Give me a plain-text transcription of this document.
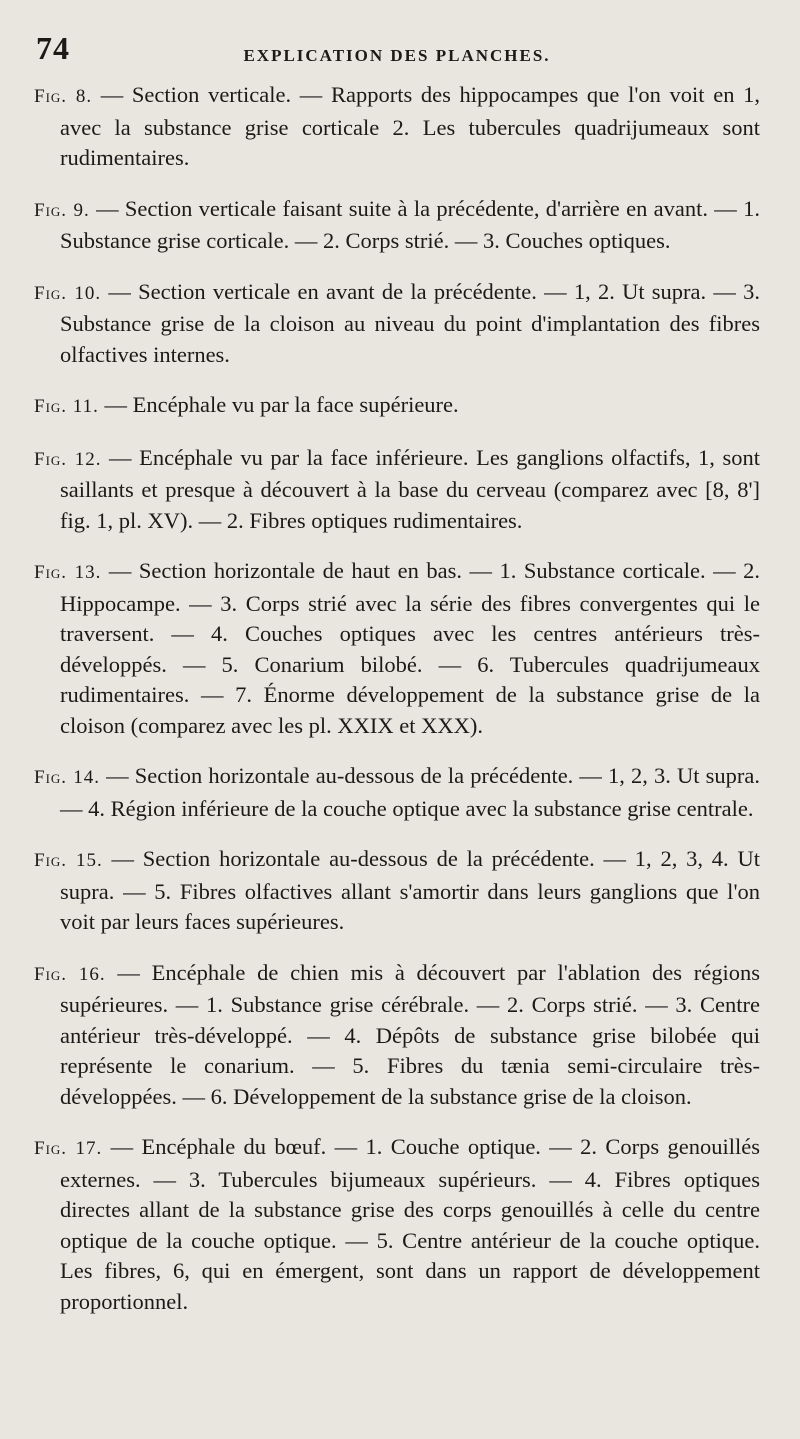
74	EXPLICATION DES PLANCHES.

Fig. 8. — Section verticale. — Rapports des hippocampes que l'on voit en 1, avec la substance grise corticale 2. Les tubercules quadrijumeaux sont rudimentaires.

Fig. 9. — Section verticale faisant suite à la précédente, d'arrière en avant. — 1. Substance grise corticale. — 2. Corps strié. — 3. Couches optiques.

Fig. 10. — Section verticale en avant de la précédente. — 1, 2. Ut supra. — 3. Substance grise de la cloison au niveau du point d'implantation des fibres olfactives internes.

Fig. 11. — Encéphale vu par la face supérieure.

Fig. 12. — Encéphale vu par la face inférieure. Les ganglions olfactifs, 1, sont saillants et presque à découvert à la base du cerveau (comparez avec [8, 8'] fig. 1, pl. XV). — 2. Fibres optiques rudimentaires.

Fig. 13. — Section horizontale de haut en bas. — 1. Substance corticale. — 2. Hippocampe. — 3. Corps strié avec la série des fibres convergentes qui le traversent. — 4. Couches optiques avec les centres antérieurs très-développés. — 5. Conarium bilobé. — 6. Tubercules quadrijumeaux rudimentaires. — 7. Énorme développement de la substance grise de la cloison (comparez avec les pl. XXIX et XXX).

Fig. 14. — Section horizontale au-dessous de la précédente. — 1, 2, 3. Ut supra. — 4. Région inférieure de la couche optique avec la substance grise centrale.

Fig. 15. — Section horizontale au-dessous de la précédente. — 1, 2, 3, 4. Ut supra. — 5. Fibres olfactives allant s'amortir dans leurs ganglions que l'on voit par leurs faces supérieures.

Fig. 16. — Encéphale de chien mis à découvert par l'ablation des régions supérieures. — 1. Substance grise cérébrale. — 2. Corps strié. — 3. Centre antérieur très-développé. — 4. Dépôts de substance grise bilobée qui représente le conarium. — 5. Fibres du tænia semi-circulaire très-développées. — 6. Développement de la substance grise de la cloison.

Fig. 17. — Encéphale du bœuf. — 1. Couche optique. — 2. Corps genouillés externes. — 3. Tubercules bijumeaux supérieurs. — 4. Fibres optiques directes allant de la substance grise des corps genouillés à celle du centre optique de la couche optique. — 5. Centre antérieur de la couche optique. Les fibres, 6, qui en émergent, sont dans un rapport de développement proportionnel.
